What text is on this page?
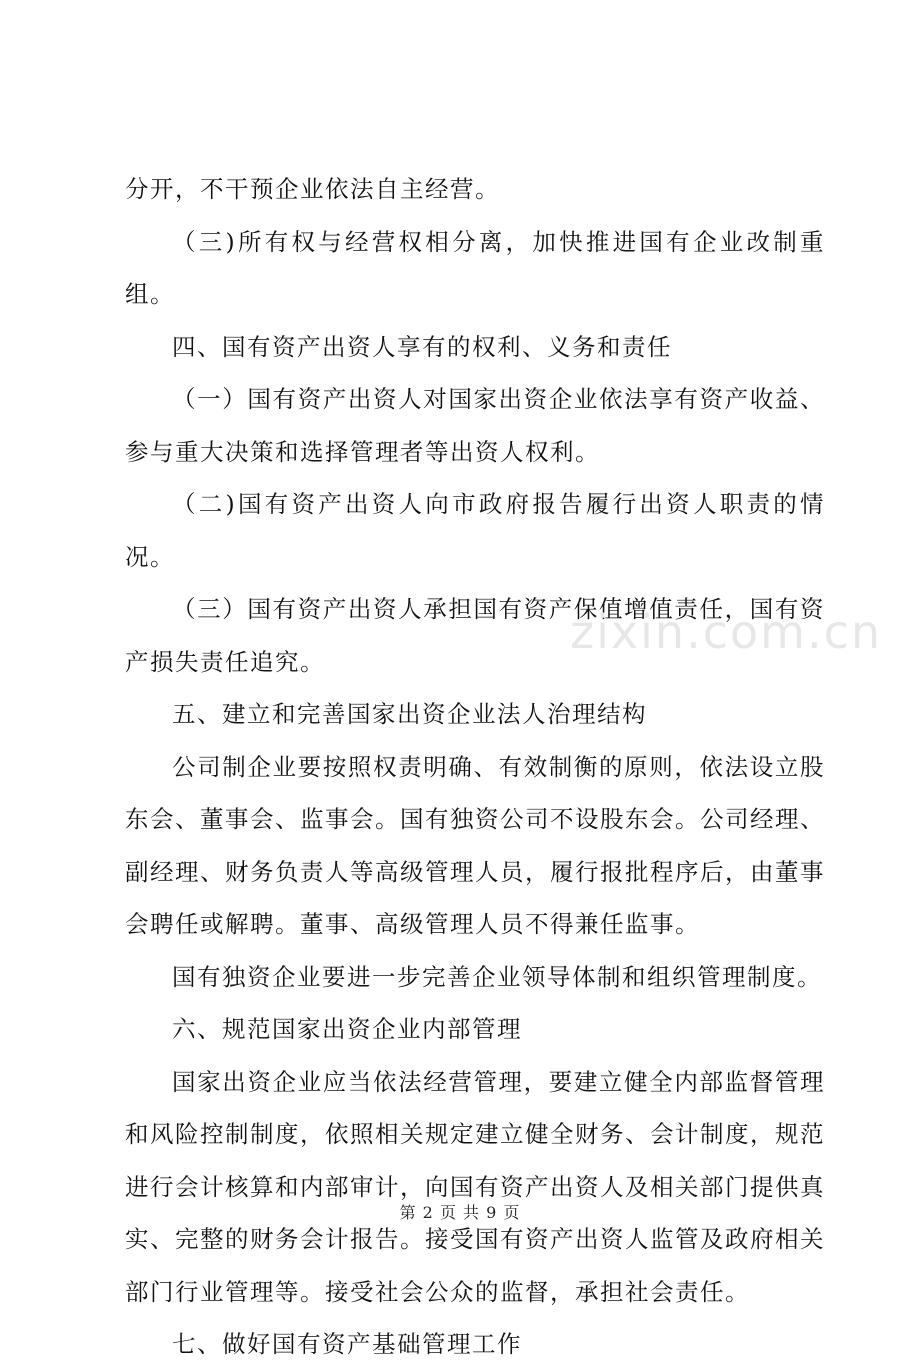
分开，不干预企业依法自主经营。

（三)所有权与经营权相分离，加快推进国有企业改制重组。

四、国有资产出资人享有的权利、义务和责任

（一）国有资产出资人对国家出资企业依法享有资产收益、参与重大决策和选择管理者等出资人权利。

（二)国有资产出资人向市政府报告履行出资人职责的情况。

（三）国有资产出资人承担国有资产保值增值责任，国有资产损失责任追究。

五、建立和完善国家出资企业法人治理结构

公司制企业要按照权责明确、有效制衡的原则，依法设立股东会、董事会、监事会。国有独资公司不设股东会。公司经理、副经理、财务负责人等高级管理人员，履行报批程序后，由董事会聘任或解聘。董事、高级管理人员不得兼任监事。

国有独资企业要进一步完善企业领导体制和组织管理制度。

六、规范国家出资企业内部管理

国家出资企业应当依法经营管理，要建立健全内部监督管理和风险控制制度，依照相关规定建立健全财务、会计制度，规范进行会计核算和内部审计，向国有资产出资人及相关部门提供真实、完整的财务会计报告。接受国有资产出资人监管及政府相关部门行业管理等。接受社会公众的监督，承担社会责任。

七、做好国有资产基础管理工作

zixin.com.cn
第 2 页 共 9 页
